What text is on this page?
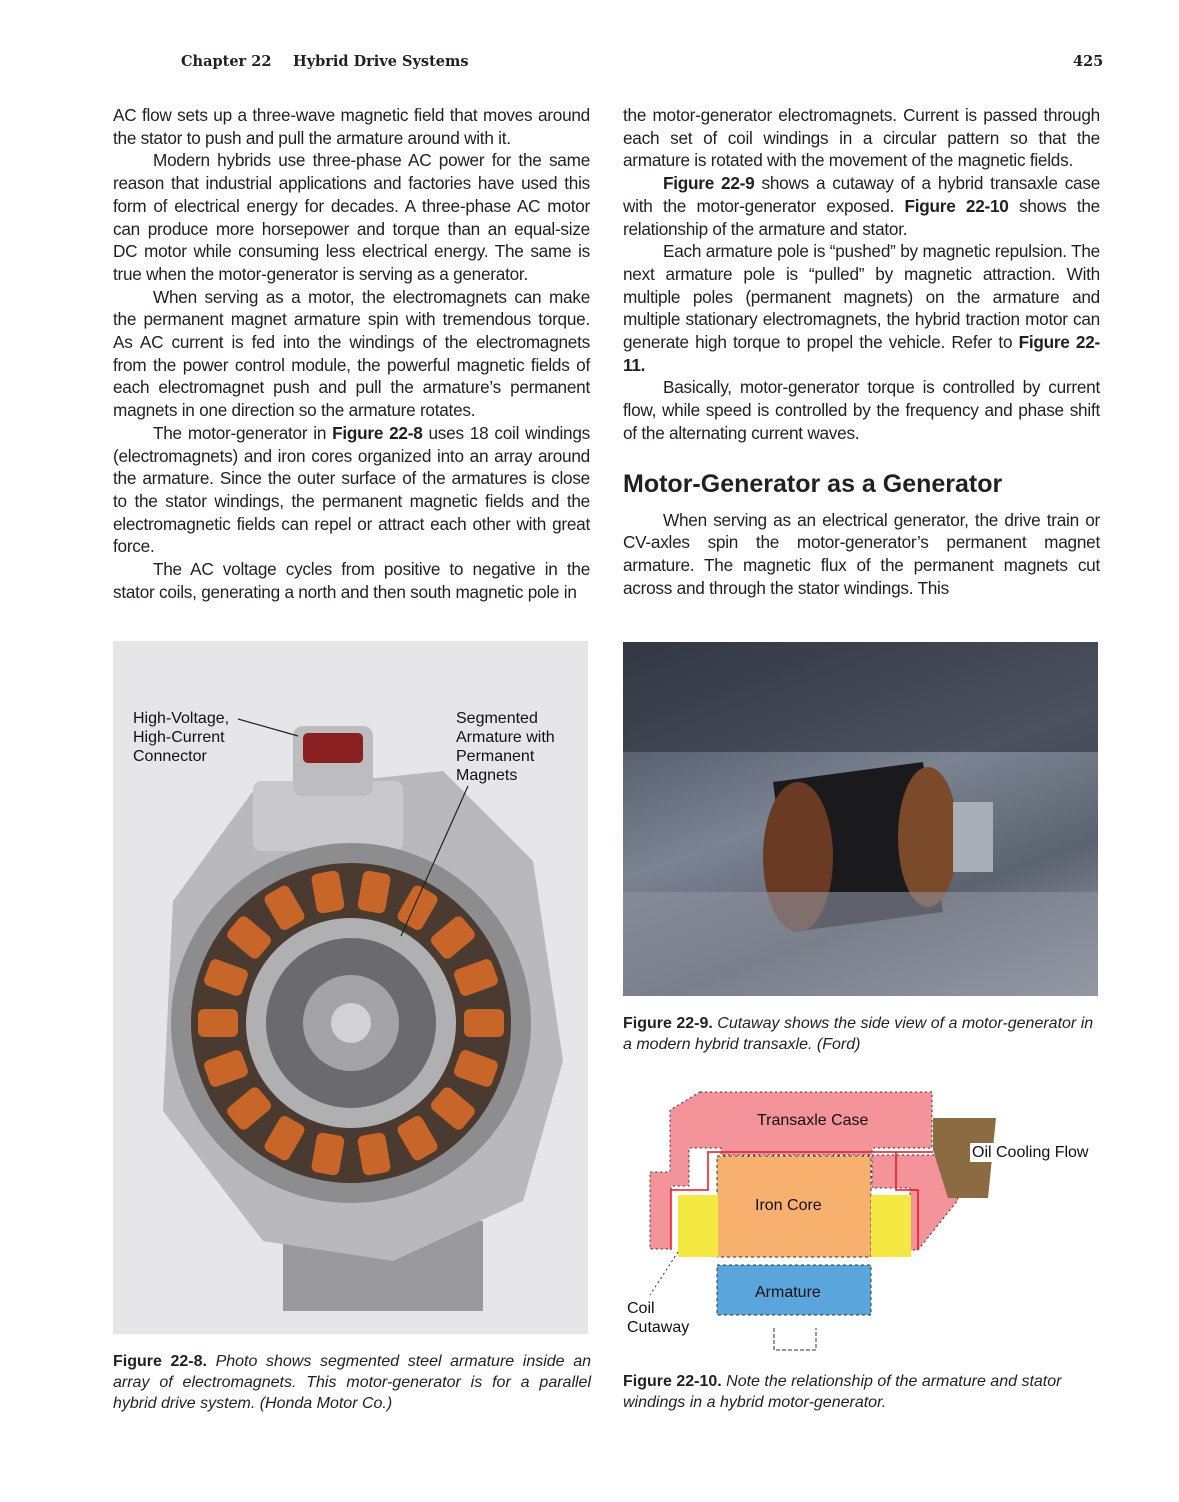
Chapter 22 Hybrid Drive Systems	425

AC flow sets up a three-wave magnetic field that moves around the stator to push and pull the armature around with it.

Modern hybrids use three-phase AC power for the same reason that industrial applications and factories have used this form of electrical energy for decades. A three-phase AC motor can produce more horsepower and torque than an equal-size DC motor while consuming less electrical energy. The same is true when the motor-generator is serving as a generator.

When serving as a motor, the electromagnets can make the permanent magnet armature spin with tremendous torque. As AC current is fed into the windings of the electromagnets from the power control module, the powerful magnetic fields of each electromagnet push and pull the armature’s permanent magnets in one direction so the armature rotates.

The motor-generator in Figure 22-8 uses 18 coil windings (electromagnets) and iron cores organized into an array around the armature. Since the outer surface of the armatures is close to the stator windings, the permanent magnetic fields and the electromagnetic fields can repel or attract each other with great force.

The AC voltage cycles from positive to negative in the stator coils, generating a north and then south magnetic pole in

the motor-generator electromagnets. Current is passed through each set of coil windings in a circular pattern so that the armature is rotated with the movement of the magnetic fields.

Figure 22-9 shows a cutaway of a hybrid transaxle case with the motor-generator exposed. Figure 22-10 shows the relationship of the armature and stator.

Each armature pole is “pushed” by magnetic repulsion. The next armature pole is “pulled” by magnetic attraction. With multiple poles (permanent magnets) on the armature and multiple stationary electromagnets, the hybrid traction motor can generate high torque to propel the vehicle. Refer to Figure 22-11.

Basically, motor-generator torque is controlled by current flow, while speed is controlled by the frequency and phase shift of the alternating current waves.

Motor-Generator as a Generator

When serving as an electrical generator, the drive train or CV-axles spin the motor-generator’s permanent magnet armature. The magnetic flux of the permanent magnets cut across and through the stator windings. This

High-Voltage,
High-Current
Connector
Segmented
Armature with
Permanent
Magnets
Figure 22-8. Photo shows segmented steel armature inside an array of electromagnets. This motor-generator is for a parallel hybrid drive system. (Honda Motor Co.)
Figure 22-9. Cutaway shows the side view of a motor-generator in a modern hybrid transaxle. (Ford)
Transaxle Case
Oil Cooling Flow
Iron Core
Armature
Coil
Cutaway
Figure 22-10. Note the relationship of the armature and stator windings in a hybrid motor-generator.
